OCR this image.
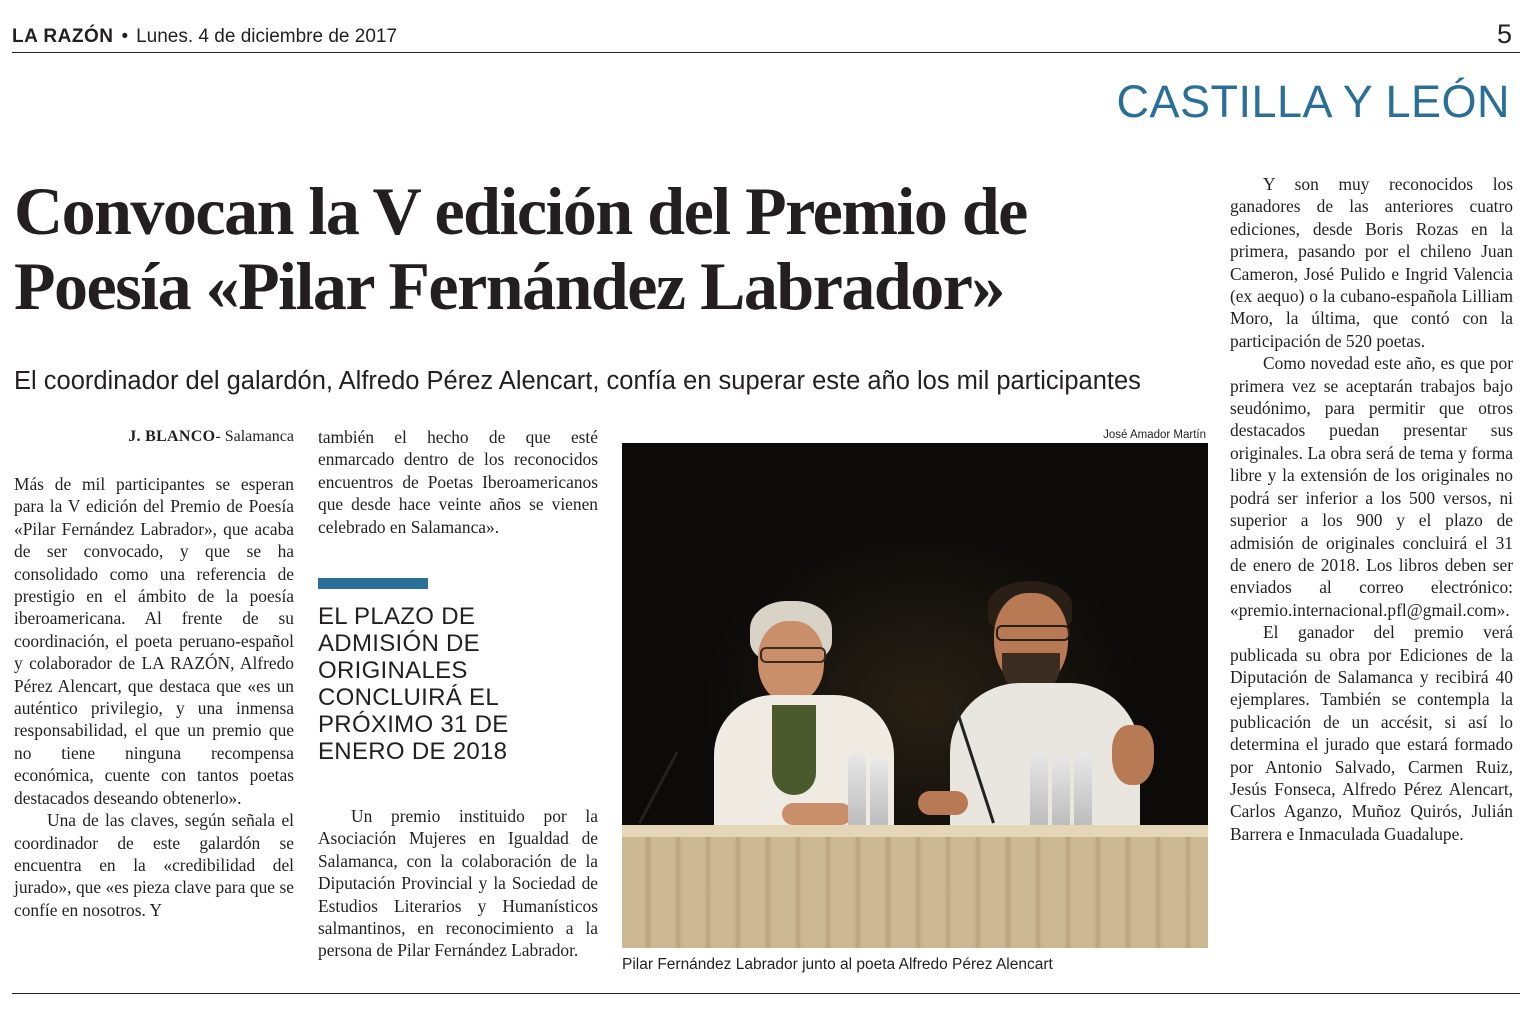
LA RAZÓN • Lunes. 4 de diciembre de 2017	5
CASTILLA Y LEÓN
Convocan la V edición del Premio de Poesía «Pilar Fernández Labrador»
El coordinador del galardón, Alfredo Pérez Alencart, confía en superar este año los mil participantes
J. BLANCO- Salamanca

Más de mil participantes se esperan para la V edición del Premio de Poesía «Pilar Fernández Labrador», que acaba de ser convocado, y que se ha consolidado como una referencia de prestigio en el ámbito de la poesía iberoamericana. Al frente de su coordinación, el poeta peruano-español y colaborador de LA RAZÓN, Alfredo Pérez Alencart, que destaca que «es un auténtico privilegio, y una inmensa responsabilidad, el que un premio que no tiene ninguna recompensa económica, cuente con tantos poetas destacados deseando obtenerlo».

Una de las claves, según señala el coordinador de este galardón se encuentra en la «credibilidad del jurado», que «es pieza clave para que se confíe en nosotros. Y

también el hecho de que esté enmarcado dentro de los reconocidos encuentros de Poetas Iberoamericanos que desde hace veinte años se vienen celebrado en Salamanca».

EL PLAZO DE ADMISIÓN DE ORIGINALES CONCLUIRÁ EL PRÓXIMO 31 DE ENERO DE 2018

Un premio instituido por la Asociación Mujeres en Igualdad de Salamanca, con la colaboración de la Diputación Provincial y la Sociedad de Estudios Literarios y Humanísticos salmantinos, en reconocimiento a la persona de Pilar Fernández Labrador.

José Amador Martín
Pilar Fernández Labrador junto al poeta Alfredo Pérez Alencart

Y son muy reconocidos los ganadores de las anteriores cuatro ediciones, desde Boris Rozas en la primera, pasando por el chileno Juan Cameron, José Pulido e Ingrid Valencia (ex aequo) o la cubano-española Lilliam Moro, la última, que contó con la participación de 520 poetas.

Como novedad este año, es que por primera vez se aceptarán trabajos bajo seudónimo, para permitir que otros destacados puedan presentar sus originales. La obra será de tema y forma libre y la extensión de los originales no podrá ser inferior a los 500 versos, ni superior a los 900 y el plazo de admisión de originales concluirá el 31 de enero de 2018. Los libros deben ser enviados al correo electrónico: «premio.internacional.pfl@gmail.com».

El ganador del premio verá publicada su obra por Ediciones de la Diputación de Salamanca y recibirá 40 ejemplares. También se contempla la publicación de un accésit, si así lo determina el jurado que estará formado por Antonio Salvado, Carmen Ruiz, Jesús Fonseca, Alfredo Pérez Alencart, Carlos Aganzo, Muñoz Quirós, Julián Barrera e Inmaculada Guadalupe.
